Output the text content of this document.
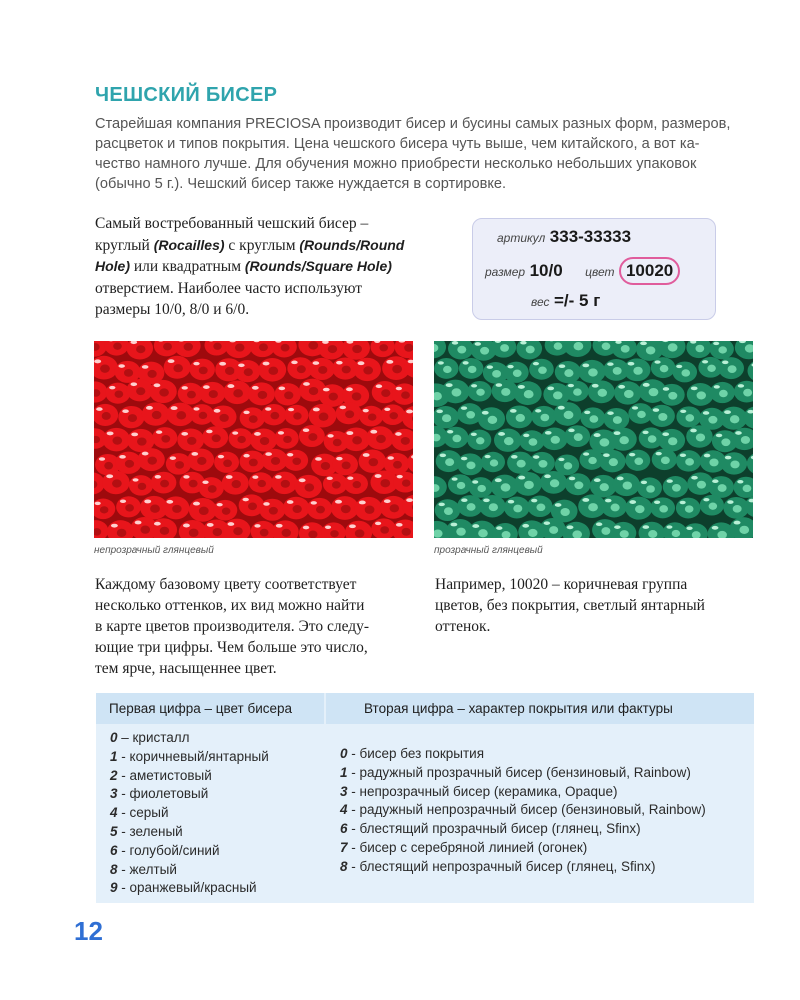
ЧЕШСКИЙ БИСЕР
Старейшая компания PRECIOSA производит бисер и бусины самых разных форм, размеров,
расцветок и типов покрытия. Цена чешского бисера чуть выше, чем китайского, а вот ка-
чество намного лучше. Для обучения можно приобрести несколько небольших упаковок
(обычно 5 г.). Чешский бисер также нуждается в сортировке.
Самый востребованный чешский бисер –
круглый (Rocailles) с круглым (Rounds/Round
Hole) или квадратным (Rounds/Square Hole)
отверстием. Наиболее часто используют
размеры 10/0, 8/0 и 6/0.
артикул 333-33333
размер 10/0 цвет 10020
вес =/- 5 г
непрозрачный глянцевый	прозрачный глянцевый
Каждому базовому цвету соответствует
несколько оттенков, их вид можно найти
в карте цветов производителя. Это следу-
ющие три цифры. Чем больше это число,
тем ярче, насыщеннее цвет.
Например, 10020 – коричневая группа
цветов, без покрытия, светлый янтарный
оттенок.
Первая цифра – цвет бисера	Вторая цифра – характер покрытия или фактуры
0 – кристалл
1 - коричневый/янтарный
2 - аметистовый
3 - фиолетовый
4 - серый
5 - зеленый
6 - голубой/синий
8 - желтый
9 - оранжевый/красный
0 - бисер без покрытия
1 - радужный прозрачный бисер (бензиновый, Rainbow)
3 - непрозрачный бисер (керамика, Opaque)
4 - радужный непрозрачный бисер (бензиновый, Rainbow)
6 - блестящий прозрачный бисер (глянец, Sfinx)
7 - бисер с серебряной линией (огонек)
8 - блестящий непрозрачный бисер (глянец, Sfinx)
12
